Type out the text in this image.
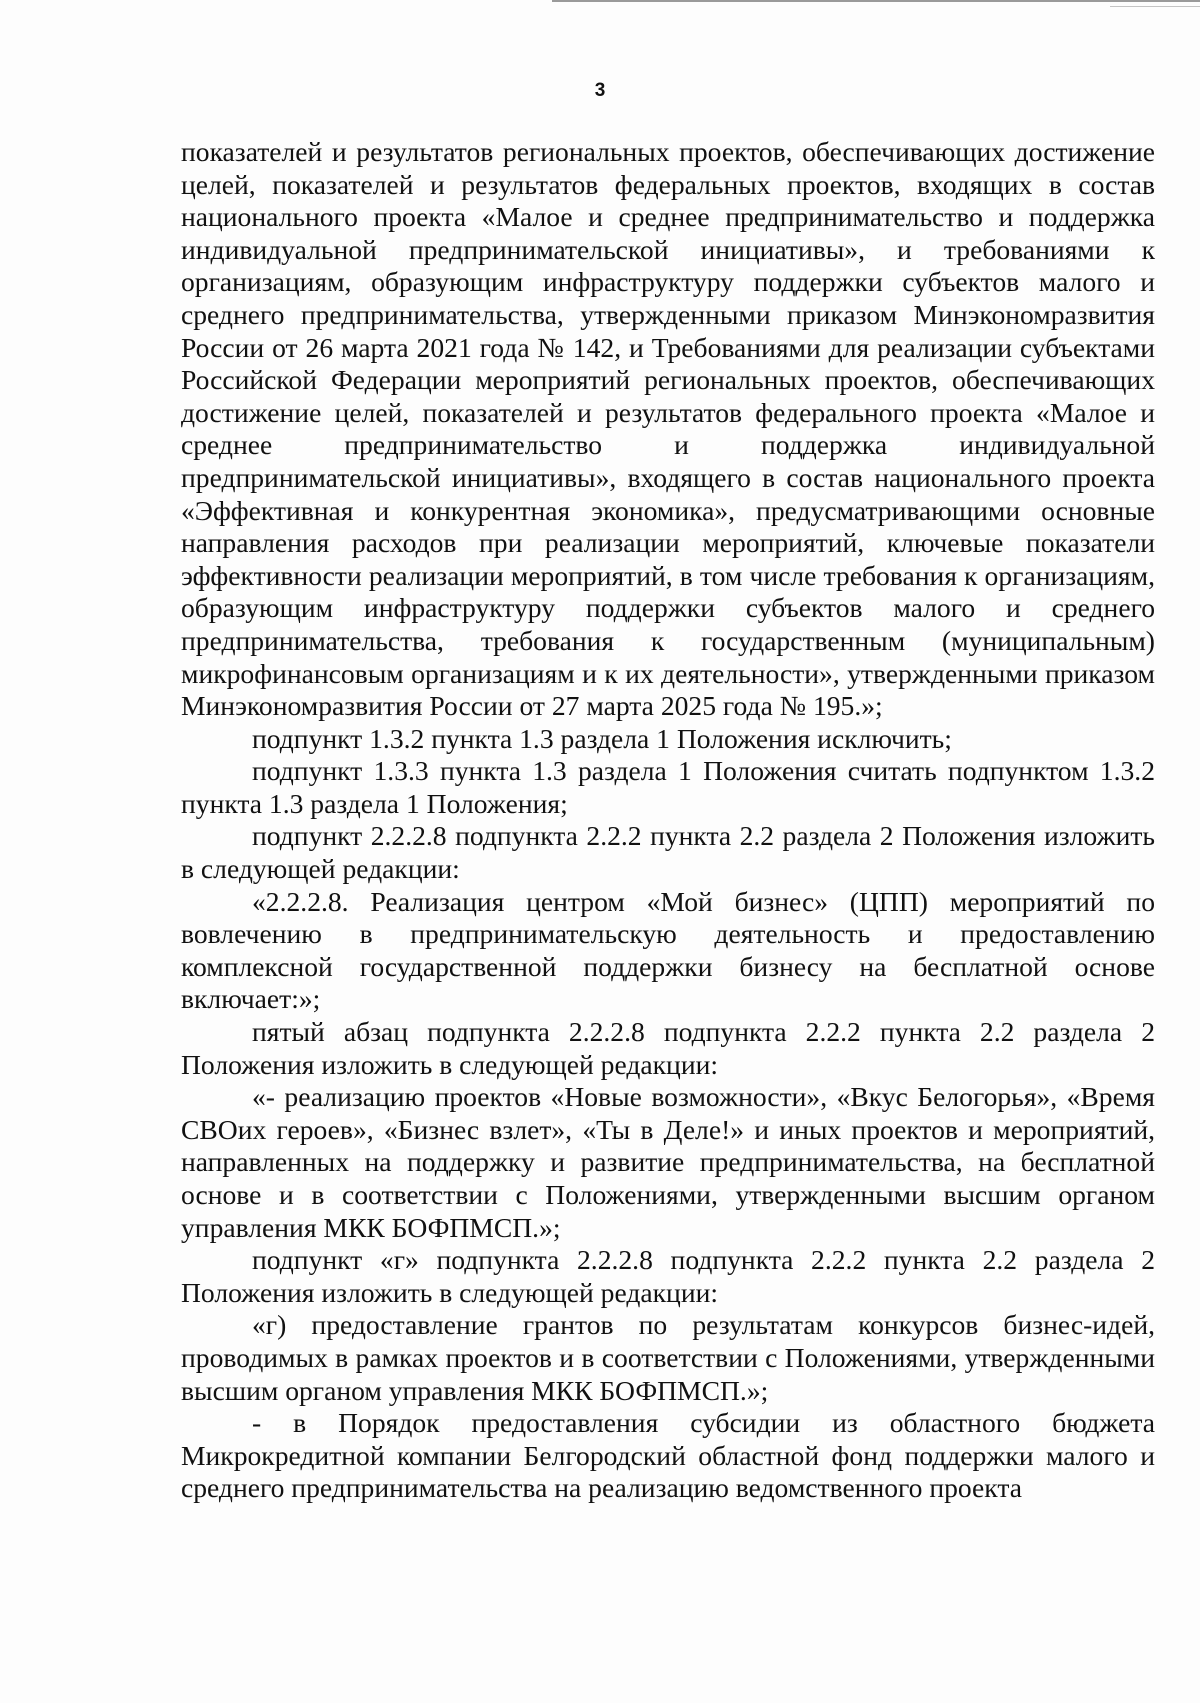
3

показателей и результатов региональных проектов, обеспечивающих достижение целей, показателей и результатов федеральных проектов, входящих в состав национального проекта «Малое и среднее предпринимательство и поддержка индивидуальной предпринимательской инициативы», и требованиями к организациям, образующим инфраструктуру поддержки субъектов малого и среднего предпринимательства, утвержденными приказом Минэкономразвития России от 26 марта 2021 года № 142, и Требованиями для реализации субъектами Российской Федерации мероприятий региональных проектов, обеспечивающих достижение целей, показателей и результатов федерального проекта «Малое и среднее предпринимательство и поддержка индивидуальной предпринимательской инициативы», входящего в состав национального проекта «Эффективная и конкурентная экономика», предусматривающими основные направления расходов при реализации мероприятий, ключевые показатели эффективности реализации мероприятий, в том числе требования к организациям, образующим инфраструктуру поддержки субъектов малого и среднего предпринимательства, требования к государственным (муниципальным) микрофинансовым организациям и к их деятельности», утвержденными приказом Минэкономразвития России от 27 марта 2025 года № 195.»;

подпункт 1.3.2 пункта 1.3 раздела 1 Положения исключить;

подпункт 1.3.3 пункта 1.3 раздела 1 Положения считать подпунктом 1.3.2 пункта 1.3 раздела 1 Положения;

подпункт 2.2.2.8 подпункта 2.2.2 пункта 2.2 раздела 2 Положения изложить в следующей редакции:

«2.2.2.8. Реализация центром «Мой бизнес» (ЦПП) мероприятий по вовлечению в предпринимательскую деятельность и предоставлению комплексной государственной поддержки бизнесу на бесплатной основе включает:»;

пятый абзац подпункта 2.2.2.8 подпункта 2.2.2 пункта 2.2 раздела 2 Положения изложить в следующей редакции:

«- реализацию проектов «Новые возможности», «Вкус Белогорья», «Время СВОих героев», «Бизнес взлет», «Ты в Деле!» и иных проектов и мероприятий, направленных на поддержку и развитие предпринимательства, на бесплатной основе и в соответствии с Положениями, утвержденными высшим органом управления МКК БОФПМСП.»;

подпункт «г» подпункта 2.2.2.8 подпункта 2.2.2 пункта 2.2 раздела 2 Положения изложить в следующей редакции:

«г) предоставление грантов по результатам конкурсов бизнес-идей, проводимых в рамках проектов и в соответствии с Положениями, утвержденными высшим органом управления МКК БОФПМСП.»;

- в Порядок предоставления субсидии из областного бюджета Микрокредитной компании Белгородский областной фонд поддержки малого и среднего предпринимательства на реализацию ведомственного проекта
